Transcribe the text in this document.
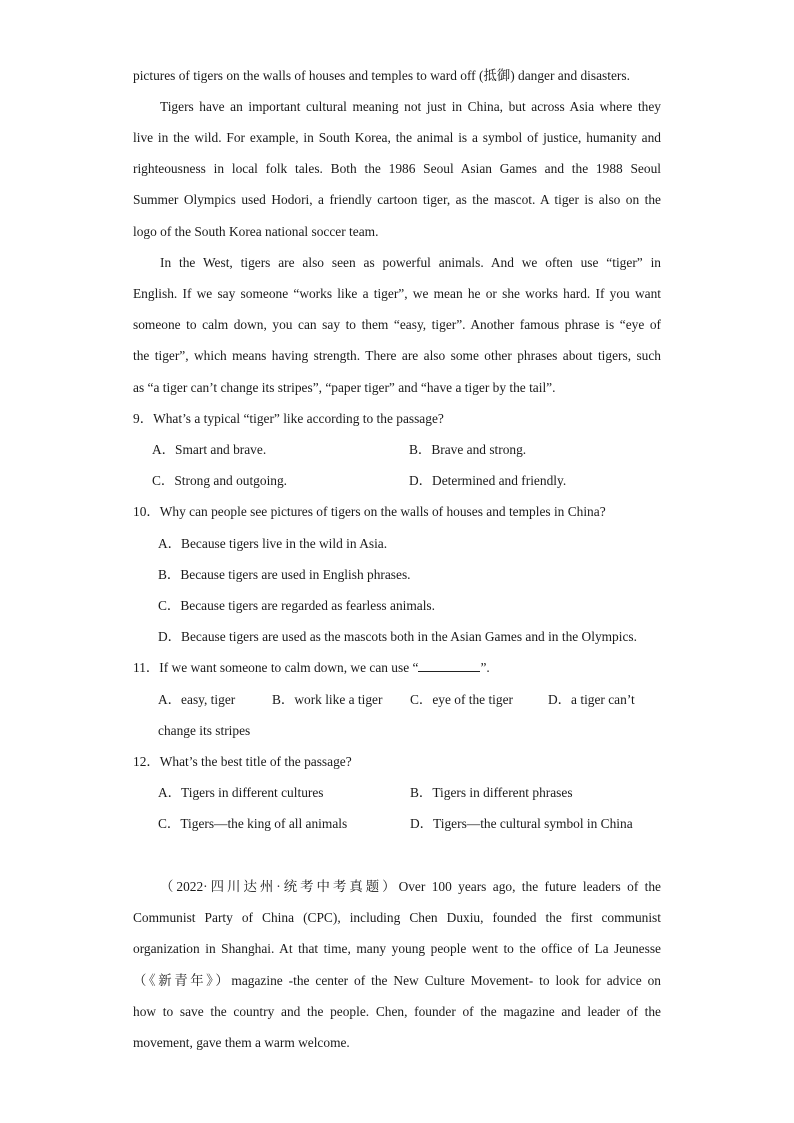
pictures of tigers on the walls of houses and temples to ward off (抵御) danger and disasters.
Tigers have an important cultural meaning not just in China, but across Asia where they
live in the wild. For example, in South Korea, the animal is a symbol of justice, humanity and
righteousness in local folk tales. Both the 1986 Seoul Asian Games and the 1988 Seoul
Summer Olympics used Hodori, a friendly cartoon tiger, as the mascot. A tiger is also on the
logo of the South Korea national soccer team.
In the West, tigers are also seen as powerful animals. And we often use “tiger” in
English. If we say someone “works like a tiger”, we mean he or she works hard. If you want
someone to calm down, you can say to them “easy, tiger”. Another famous phrase is “eye of
the tiger”, which means having strength. There are also some other phrases about tigers, such
as “a tiger can’t change its stripes”, “paper tiger” and “have a tiger by the tail”.
9．What’s a typical “tiger” like according to the passage?
A．Smart and brave.	B．Brave and strong.
C．Strong and outgoing.	D．Determined and friendly.
10．Why can people see pictures of tigers on the walls of houses and temples in China?
A．Because tigers live in the wild in Asia.
B．Because tigers are used in English phrases.
C．Because tigers are regarded as fearless animals.
D．Because tigers are used as the mascots both in the Asian Games and in the Olympics.
11．If we want someone to calm down, we can use “	”.
A．easy, tiger	B．work like a tiger C．eye of the tiger	D．a tiger can’t
change its stripes
12．What’s the best title of the passage?
A．Tigers in different cultures	B．Tigers in different phrases
C．Tigers—the king of all animals	D．Tigers—the cultural symbol in China
（2022·四川达州·统考中考真题）Over 100 years ago, the future leaders of the
Communist Party of China (CPC), including Chen Duxiu, founded the first communist
organization in Shanghai. At that time, many young people went to the office of La Jeunesse
（《新青年》）magazine -the center of the New Culture Movement- to look for advice on
how to save the country and the people. Chen, founder of the magazine and leader of the
movement, gave them a warm welcome.
